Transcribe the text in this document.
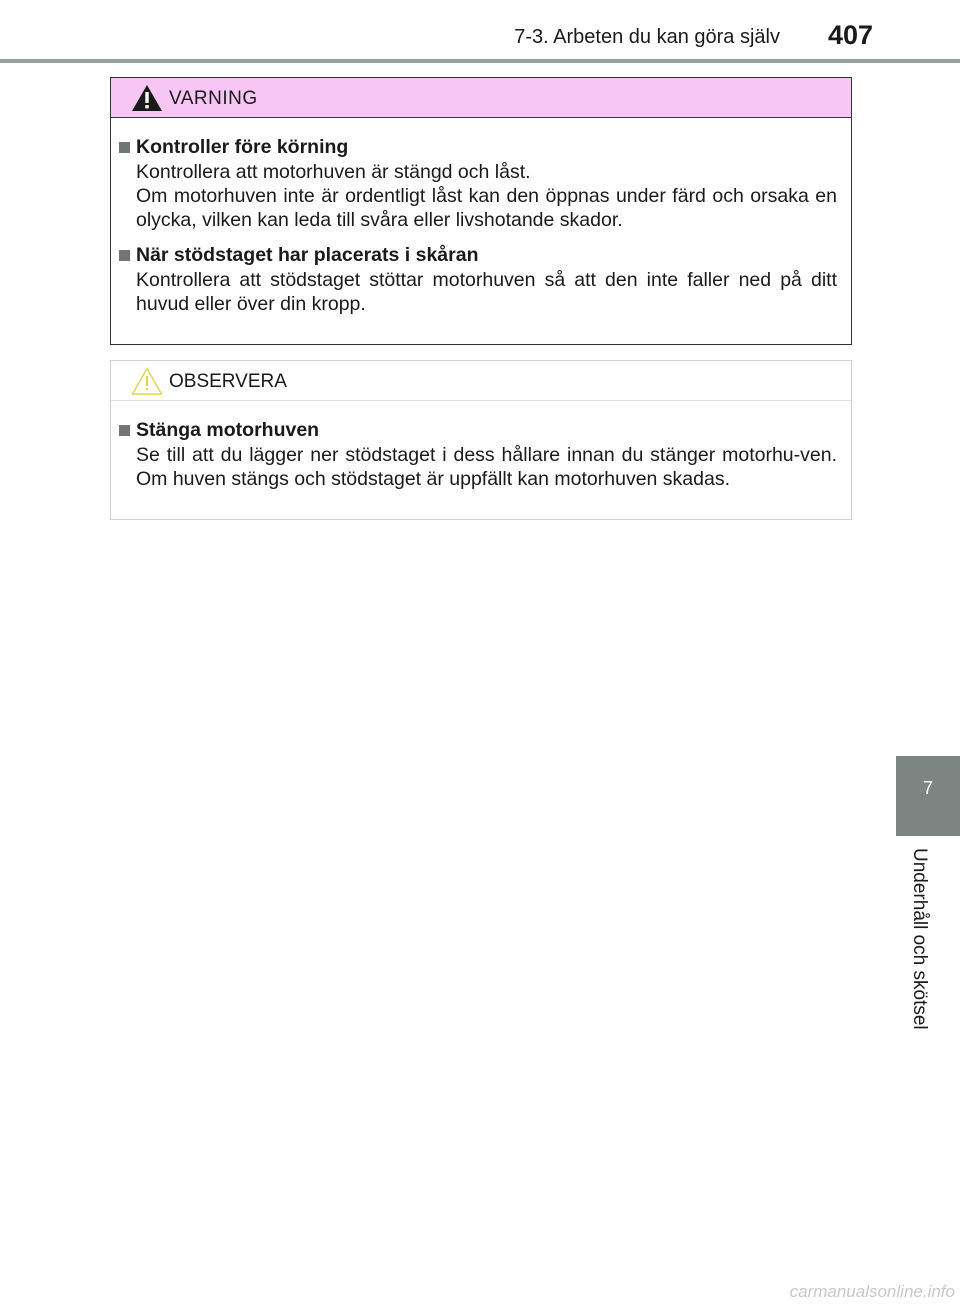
7-3. Arbeten du kan göra själv 407
VARNING
Kontroller före körning

Kontrollera att motorhuven är stängd och låst.

Om motorhuven inte är ordentligt låst kan den öppnas under färd och orsaka en olycka, vilken kan leda till svåra eller livshotande skador.

När stödstaget har placerats i skåran

Kontrollera att stödstaget stöttar motorhuven så att den inte faller ned på ditt huvud eller över din kropp.

OBSERVERA
Stänga motorhuven

Se till att du lägger ner stödstaget i dess hållare innan du stänger motorhu-ven. Om huven stängs och stödstaget är uppfällt kan motorhuven skadas.

7
Underhåll och skötsel
carmanualsonline.info
